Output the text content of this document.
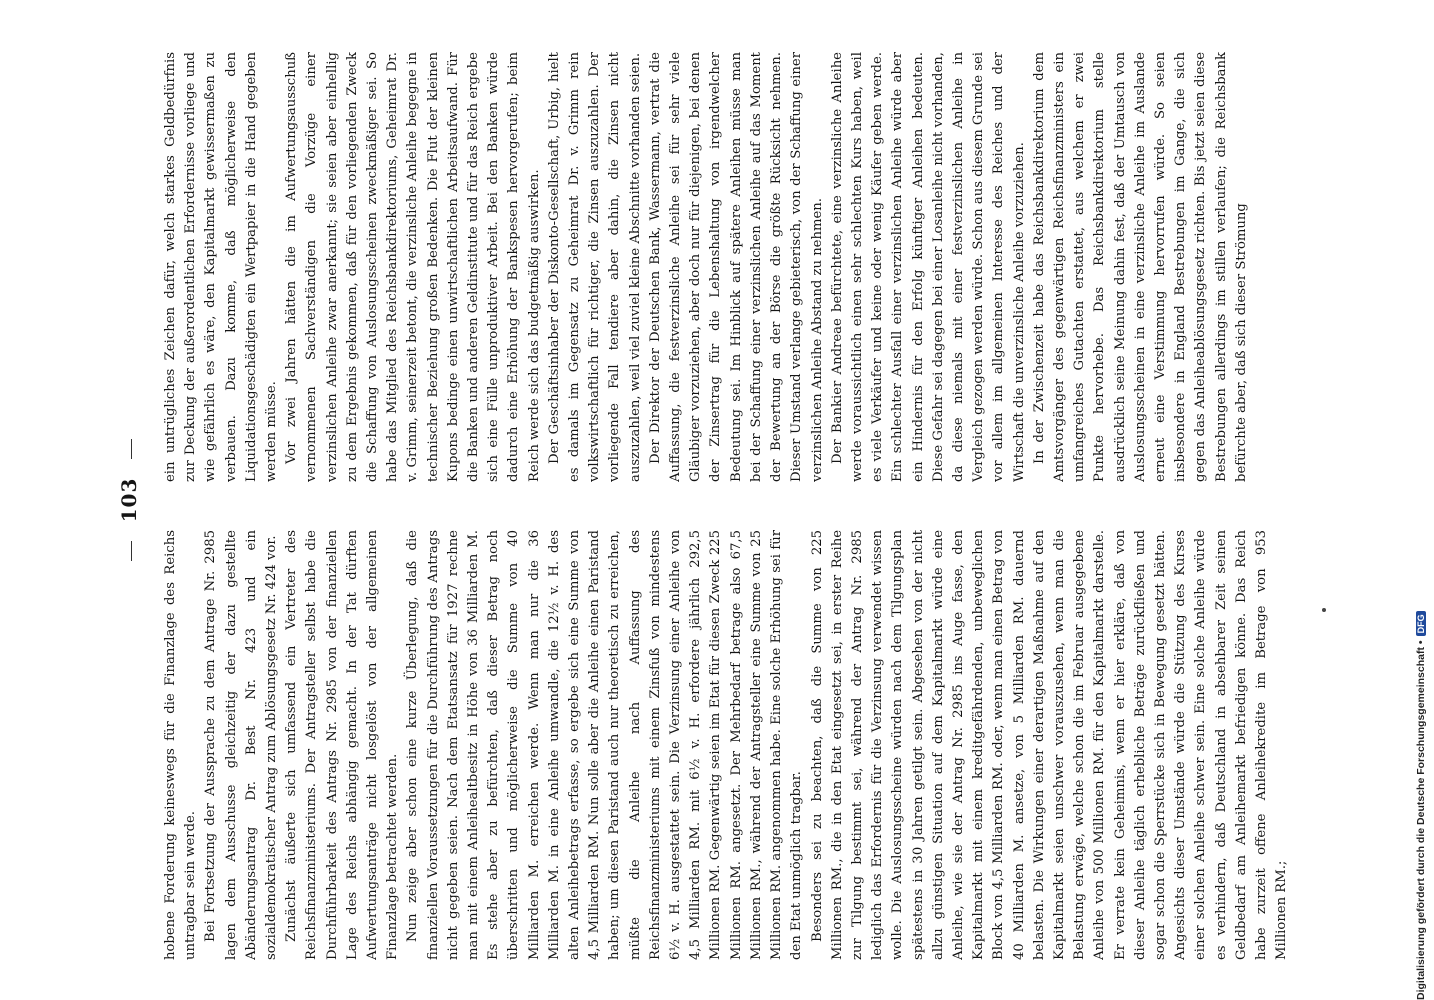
103

hobene Forderung keineswegs für die Finanzlage des Reichs untragbar sein werde. Bei Fortsetzung der Aussprache zu dem Antrage Nr. 2985 lagen dem Ausschusse gleichzeitig der dazu gestellte Abänderungsantrag Dr. Best Nr. 423 und ein sozialdemokratischer Antrag zum Ablösungsgesetz Nr. 424 vor. Zunächst äußerte sich umfassend ein Vertreter des Reichsfinanzministeriums. Der Antragsteller selbst habe die Durchführbarkeit des Antrags Nr. 2985 von der finanziellen Lage des Reichs abhängig gemacht. In der Tat dürften Aufwertungsanträge nicht losgelöst von der allgemeinen Finanzlage betrachtet werden. Nun zeige aber schon eine kurze Überlegung, daß die finanziellen Voraussetzungen für die Durchführung des Antrags nicht gegeben seien. Nach dem Etatsansatz für 1927 rechne man mit einem Anleihealtbesitz in Höhe von 36 Milliarden M. Es stehe aber zu befürchten, daß dieser Betrag noch überschritten und möglicherweise die Summe von 40 Milliarden M. erreichen werde. Wenn man nur die 36 Milliarden M. in eine Anleihe umwandle, die 12½ v. H. des alten Anleihebetrags erfasse, so ergebe sich eine Summe von 4,5 Milliarden RM. Nun solle aber die Anleihe einen Paristand haben; um diesen Paristand auch nur theoretisch zu erreichen, müßte die Anleihe nach Auffassung des Reichsfinanzministeriums mit einem Zinsfuß von mindestens 6½ v. H. ausgestattet sein. Die Verzinsung einer Anleihe von 4,5 Milliarden RM. mit 6½ v. H. erfordere jährlich 292,5 Millionen RM. Gegenwärtig seien im Etat für diesen Zweck 225 Millionen RM. angesetzt. Der Mehrbedarf betrage also 67,5 Millionen RM., während der Antragsteller eine Summe von 25 Millionen RM. angenommen habe. Eine solche Erhöhung sei für den Etat unmöglich tragbar. Besonders sei zu beachten, daß die Summe von 225 Millionen RM., die in den Etat eingesetzt sei, in erster Reihe zur Tilgung bestimmt sei, während der Antrag Nr. 2985 lediglich das Erfordernis für die Verzinsung verwendet wissen wolle. Die Auslosungsscheine würden nach dem Tilgungsplan spätestens in 30 Jahren getilgt sein. Abgesehen von der nicht allzu günstigen Situation auf dem Kapitalmarkt würde eine Anleihe, wie sie der Antrag Nr. 2985 ins Auge fasse, den Kapitalmarkt mit einem kreditgefährdenden, unbeweglichen Block von 4,5 Milliarden RM. oder, wenn man einen Betrag von 40 Milliarden M. ansetze, von 5 Milliarden RM. dauernd belasten. Die Wirkungen einer derartigen Maßnahme auf den Kapitalmarkt seien unschwer vorauszusehen, wenn man die Belastung erwäge, welche schon die im Februar ausgegebene Anleihe von 500 Millionen RM. für den Kapitalmarkt darstelle. Er verrate kein Geheimnis, wenn er hier erkläre, daß von dieser Anleihe täglich erhebliche Beträge zurückfließen und sogar schon die Sperrstücke sich in Bewegung gesetzt hätten. Angesichts dieser Umstände würde die Stützung des Kurses einer solchen Anleihe schwer sein. Eine solche Anleihe würde es verhindern, daß Deutschland in absehbarer Zeit seinen Geldbedarf am Anleihemarkt befriedigen könne. Das Reich habe zurzeit offene Anleihekredite im Betrage von 953 Millionen RM.;

ein untrügliches Zeichen dafür, welch starkes Geldbedürfnis zur Deckung der außerordentlichen Erfordernisse vorliege und wie gefährlich es wäre, den Kapitalmarkt gewissermaßen zu verbauen. Dazu komme, daß möglicherweise den Liquidationsgeschädigten ein Wertpapier in die Hand gegeben werden müsse. Vor zwei Jahren hätten die im Aufwertungsausschuß vernommenen Sachverständigen die Vorzüge einer verzinslichen Anleihe zwar anerkannt; sie seien aber einhellig zu dem Ergebnis gekommen, daß für den vorliegenden Zweck die Schaffung von Auslosungsscheinen zweckmäßiger sei. So habe das Mitglied des Reichsbankdirektoriums, Geheimrat Dr. v. Grimm, seinerzeit betont, die verzinsliche Anleihe begegne in technischer Beziehung großen Bedenken. Die Flut der kleinen Kupons bedinge einen unwirtschaftlichen Arbeitsaufwand. Für die Banken und anderen Geldinstitute und für das Reich ergebe sich eine Fülle unproduktiver Arbeit. Bei den Banken würde dadurch eine Erhöhung der Bankspesen hervorgerufen; beim Reich werde sich das budgetmäßig auswirken. Der Geschäftsinhaber der Diskonto-Gesellschaft, Urbig, hielt es damals im Gegensatz zu Geheimrat Dr. v. Grimm rein volkswirtschaftlich für richtiger, die Zinsen auszuzahlen. Der vorliegende Fall tendiere aber dahin, die Zinsen nicht auszuzahlen, weil viel zuviel kleine Abschnitte vorhanden seien. Der Direktor der Deutschen Bank, Wassermann, vertrat die Auffassung, die festverzinsliche Anleihe sei für sehr viele Gläubiger vorzuziehen, aber doch nur für diejenigen, bei denen der Zinsertrag für die Lebenshaltung von irgendwelcher Bedeutung sei. Im Hinblick auf spätere Anleihen müsse man bei der Schaffung einer verzinslichen Anleihe auf das Moment der Bewertung an der Börse die größte Rücksicht nehmen. Dieser Umstand verlange gebieterisch, von der Schaffung einer verzinslichen Anleihe Abstand zu nehmen. Der Bankier Andreae befürchtete, eine verzinsliche Anleihe werde voraussichtlich einen sehr schlechten Kurs haben, weil es viele Verkäufer und keine oder wenig Käufer geben werde. Ein schlechter Ausfall einer verzinslichen Anleihe würde aber ein Hindernis für den Erfolg künftiger Anleihen bedeuten. Diese Gefahr sei dagegen bei einer Losanleihe nicht vorhanden, da diese niemals mit einer festverzinslichen Anleihe in Vergleich gezogen werden würde. Schon aus diesem Grunde sei vor allem im allgemeinen Interesse des Reiches und der Wirtschaft die unverzinsliche Anleihe vorzuziehen. In der Zwischenzeit habe das Reichsbankdirektorium dem Amtsvorgänger des gegenwärtigen Reichsfinanzministers ein umfangreiches Gutachten erstattet, aus welchem er zwei Punkte hervorhebe. Das Reichsbankdirektorium stelle ausdrücklich seine Meinung dahin fest, daß der Umtausch von Auslosungsscheinen in eine verzinsliche Anleihe im Auslande erneut eine Verstimmung hervorrufen würde. So seien insbesondere in England Bestrebungen im Gange, die sich gegen das Anleiheablösungsgesetz richten. Bis jetzt seien diese Bestrebungen allerdings im stillen verlaufen; die Reichsbank befürchte aber, daß sich dieser Strömung

Digitalisierung gefördert durch die Deutsche Forschungsgemeinschaft •DFG
